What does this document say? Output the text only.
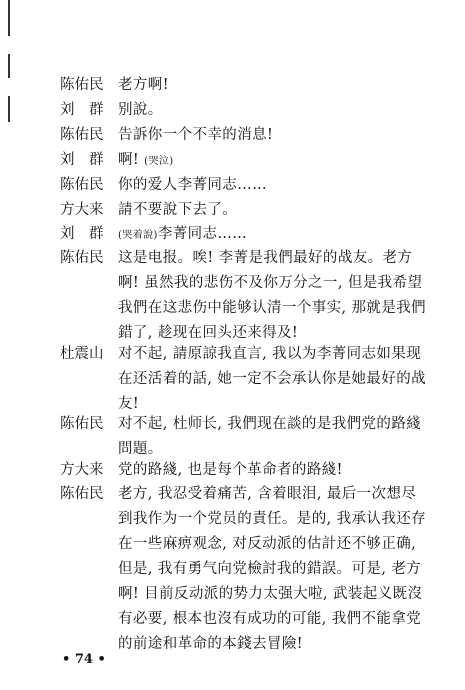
陈佑民	老方啊!
刘　群	别說。
陈佑民	告訴你一个不幸的消息!
刘　群	啊! (哭泣)
陈佑民	你的爱人李菁同志……
方大来	請不要說下去了。
刘　群	(哭着說)李菁同志……
陈佑民	这是电报。唉! 李菁是我們最好的战友。老方
啊! 虽然我的悲伤不及你万分之一, 但是我希望
我們在这悲伤中能够认清一个事实, 那就是我們
錯了, 趁现在回头还来得及!
杜震山	对不起, 請原諒我直言, 我以为李菁同志如果现
在还活着的話, 她一定不会承认你是她最好的战
友!
陈佑民	对不起, 杜师长, 我們现在談的是我們党的路綫
問題。
方大来	党的路綫, 也是每个革命者的路綫!
陈佑民	老方, 我忍受着痛苦, 含着眼泪, 最后一次想尽
到我作为一个党员的責任。是的, 我承认我还存
在一些麻痹观念, 对反动派的估計还不够正确,
但是, 我有勇气向党檢討我的錯誤。可是, 老方
啊! 目前反动派的势力太强大啦, 武装起义既沒
有必要, 根本也沒有成功的可能, 我們不能拿党
的前途和革命的本錢去冒險!
• 74 •
